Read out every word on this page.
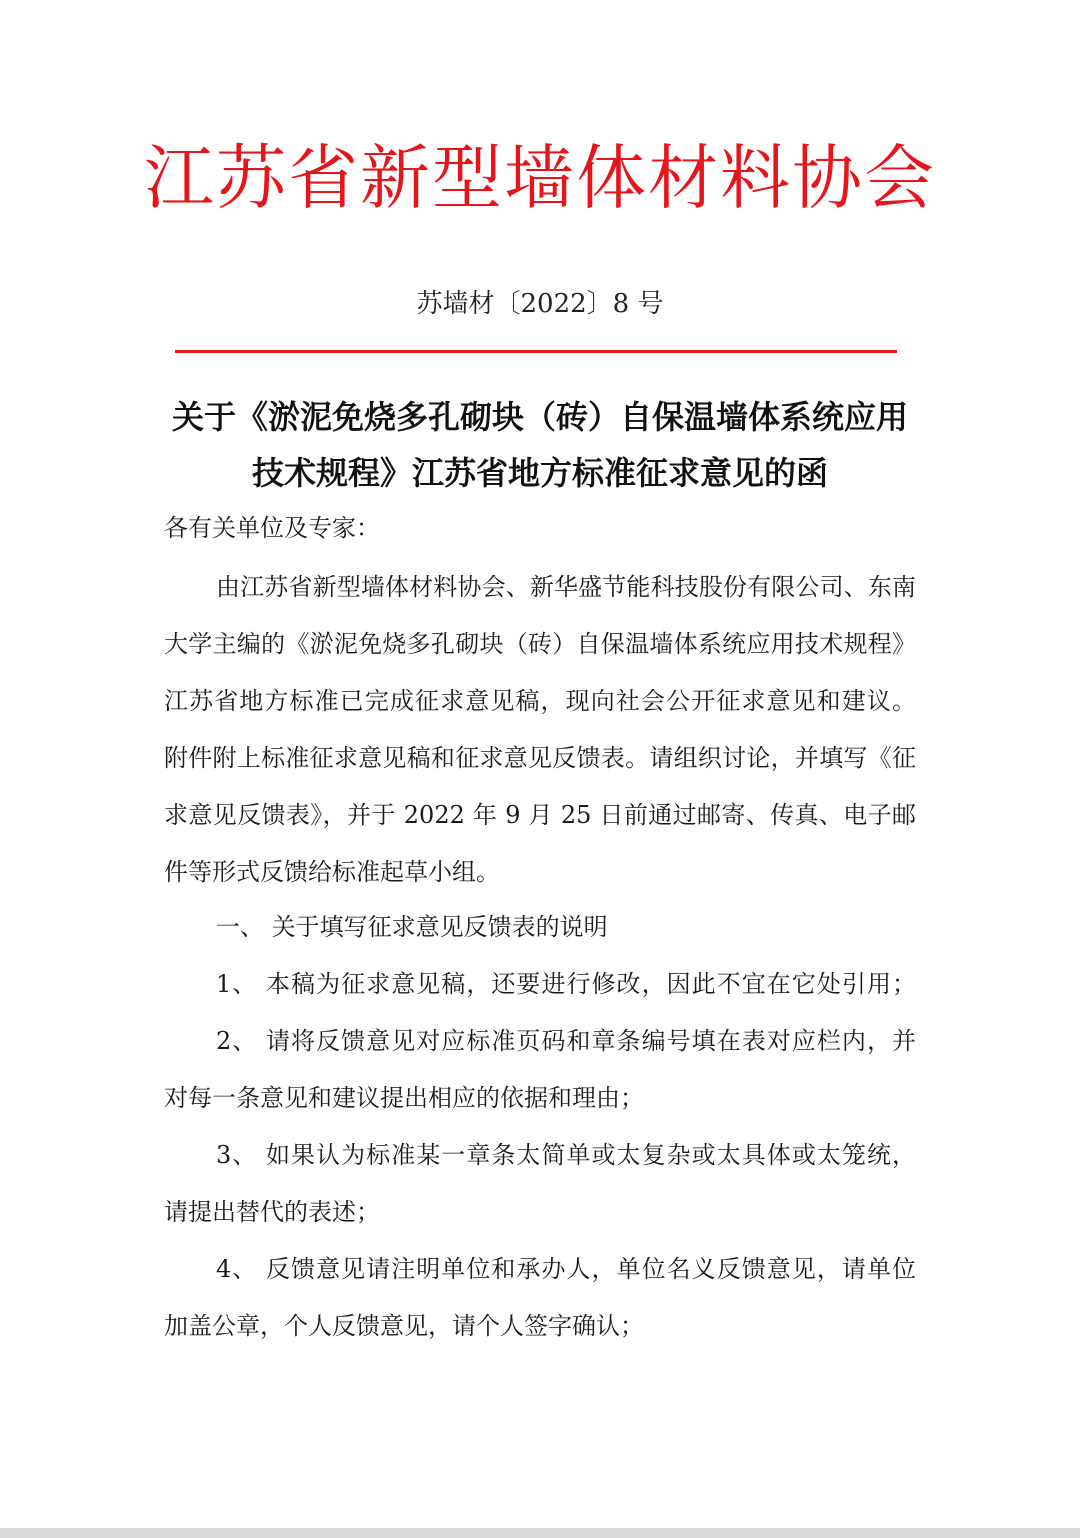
江苏省新型墙体材料协会
苏墙材〔2022〕8 号
关于《淤泥免烧多孔砌块（砖）自保温墙体系统应用
技术规程》江苏省地方标准征求意见的函
各有关单位及专家：
由江苏省新型墙体材料协会、新华盛节能科技股份有限公司、东南
大学主编的《淤泥免烧多孔砌块（砖）自保温墙体系统应用技术规程》
江苏省地方标准已完成征求意见稿，现向社会公开征求意见和建议。
附件附上标准征求意见稿和征求意见反馈表。请组织讨论，并填写《征
求意见反馈表》，并于 2022 年 9 月 25 日前通过邮寄、传真、电子邮
件等形式反馈给标准起草小组。
一、 关于填写征求意见反馈表的说明
1、 本稿为征求意见稿，还要进行修改，因此不宜在它处引用；
2、 请将反馈意见对应标准页码和章条编号填在表对应栏内，并
对每一条意见和建议提出相应的依据和理由；
3、 如果认为标准某一章条太简单或太复杂或太具体或太笼统，
请提出替代的表述；
4、 反馈意见请注明单位和承办人，单位名义反馈意见，请单位
加盖公章，个人反馈意见，请个人签字确认；
